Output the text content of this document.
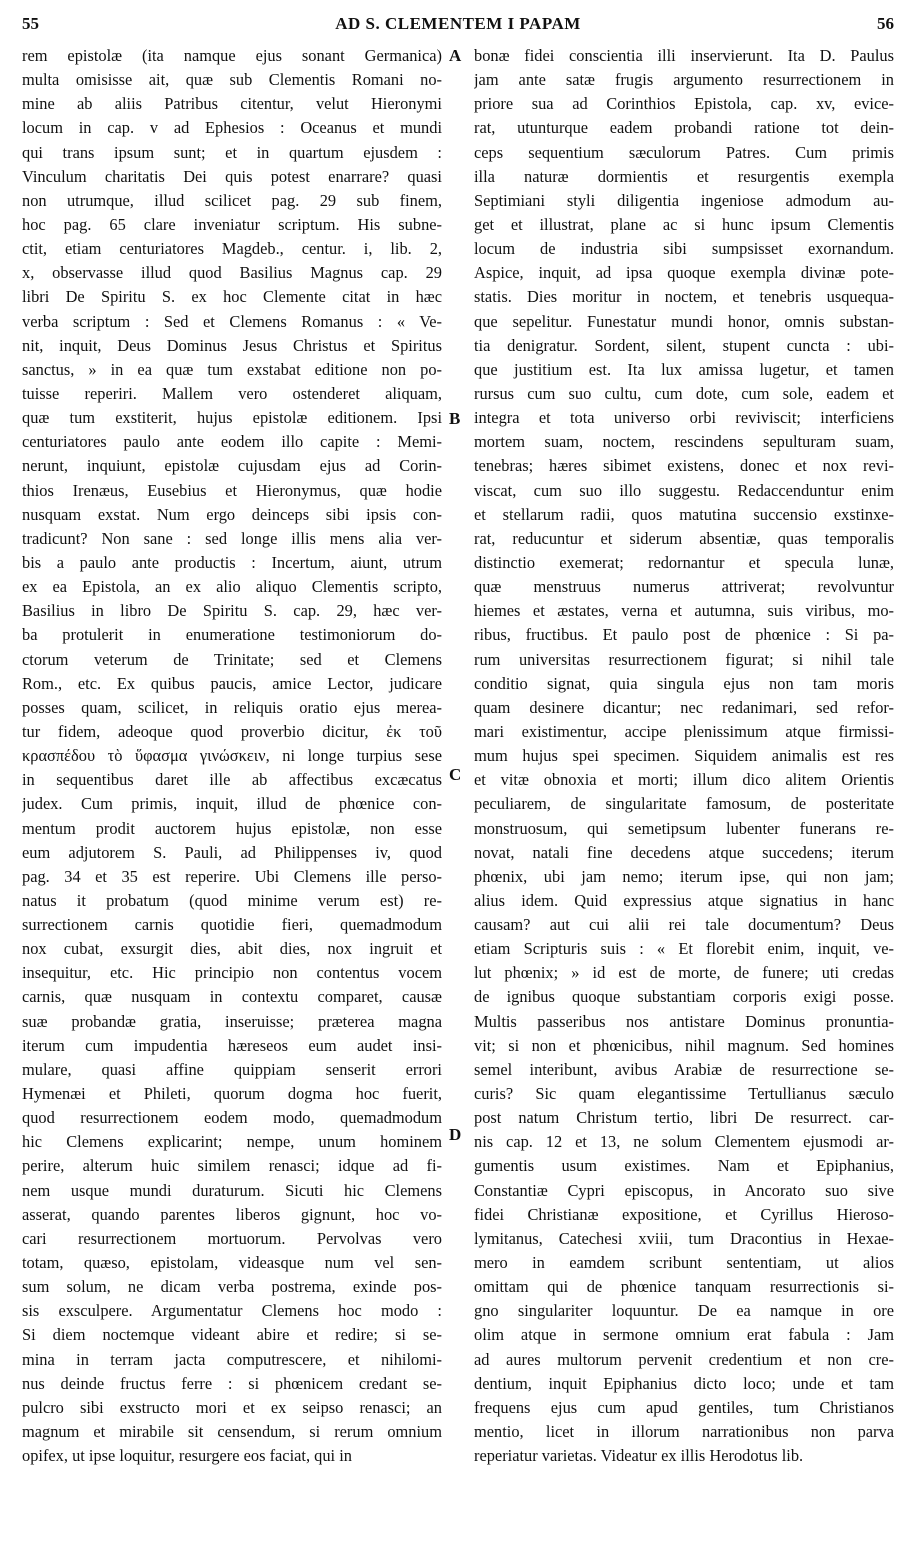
55	AD S. CLEMENTEM I PAPAM	56
rem epistolæ (ita namque ejus sonant Germanica)
multa omisisse ait, quæ sub Clementis Romani no-
mine ab aliis Patribus citentur, velut Hieronymi
locum in cap. v ad Ephesios : Oceanus et mundi
qui trans ipsum sunt; et in quartum ejusdem :
Vinculum charitatis Dei quis potest enarrare? quasi
non utrumque, illud scilicet pag. 29 sub finem,
hoc pag. 65 clare inveniatur scriptum. His subne-
ctit, etiam centuriatores Magdeb., centur. i, lib. 2,
x, observasse illud quod Basilius Magnus cap. 29
libri De Spiritu S. ex hoc Clemente citat in hæc
verba scriptum : Sed et Clemens Romanus : « Ve-
nit, inquit, Deus Dominus Jesus Christus et Spiritus
sanctus, » in ea quæ tum exstabat editione non po-
tuisse reperiri. Mallem vero ostenderet aliquam,
quæ tum exstiterit, hujus epistolæ editionem. Ipsi
centuriatores paulo ante eodem illo capite : Memi-
nerunt, inquiunt, epistolæ cujusdam ejus ad Corin-
thios Irenæus, Eusebius et Hieronymus, quæ hodie
nusquam exstat. Num ergo deinceps sibi ipsis con-
tradicunt? Non sane : sed longe illis mens alia ver-
bis a paulo ante productis : Incertum, aiunt, utrum
ex ea Epistola, an ex alio aliquo Clementis scripto,
Basilius in libro De Spiritu S. cap. 29, hæc ver-
ba protulerit in enumeratione testimoniorum do-
ctorum veterum de Trinitate; sed et Clemens
Rom., etc. Ex quibus paucis, amice Lector, judicare
posses quam, scilicet, in reliquis oratio ejus merea-
tur fidem, adeoque quod proverbio dicitur, ἐκ τοῦ
κρασπέδου τὸ ὕφασμα γινώσκειν, ni longe turpius sese
in sequentibus daret ille ab affectibus excæcatus
judex. Cum primis, inquit, illud de phœnice con-
mentum prodit auctorem hujus epistolæ, non esse
eum adjutorem S. Pauli, ad Philippenses iv, quod
pag. 34 et 35 est reperire. Ubi Clemens ille perso-
natus it probatum (quod minime verum est) re-
surrectionem carnis quotidie fieri, quemadmodum
nox cubat, exsurgit dies, abit dies, nox ingruit et
insequitur, etc. Hic principio non contentus vocem
carnis, quæ nusquam in contextu comparet, causæ
suæ probandæ gratia, inseruisse; præterea magna
iterum cum impudentia hæreseos eum audet insi-
mulare, quasi affine quippiam senserit errori
Hymenæi et Phileti, quorum dogma hoc fuerit,
quod resurrectionem eodem modo, quemadmodum
hic Clemens explicarint; nempe, unum hominem
perire, alterum huic similem renasci; idque ad fi-
nem usque mundi duraturum. Sicuti hic Clemens
asserat, quando parentes liberos gignunt, hoc vo-
cari resurrectionem mortuorum. Pervolvas vero
totam, quæso, epistolam, videasque num vel sen-
sum solum, ne dicam verba postrema, exinde pos-
sis exsculpere. Argumentatur Clemens hoc modo :
Si diem noctemque videant abire et redire; si se-
mina in terram jacta computrescere, et nihilomi-
nus deinde fructus ferre : si phœnicem credant se-
pulcro sibi exstructo mori et ex seipso renasci; an
magnum et mirabile sit censendum, si rerum omnium
opifex, ut ipse loquitur, resurgere eos faciat, qui in
bonæ fidei conscientia illi inservierunt. Ita D. Paulus
jam ante satæ frugis argumento resurrectionem in
priore sua ad Corinthios Epistola, cap. xv, evice-
rat, utunturque eadem probandi ratione tot dein-
ceps sequentium sæculorum Patres. Cum primis
illa naturæ dormientis et resurgentis exempla
Septimiani styli diligentia ingeniose admodum au-
get et illustrat, plane ac si hunc ipsum Clementis
locum de industria sibi sumpsisset exornandum.
Aspice, inquit, ad ipsa quoque exempla divinæ pote-
statis. Dies moritur in noctem, et tenebris usquequa-
que sepelitur. Funestatur mundi honor, omnis substan-
tia denigratur. Sordent, silent, stupent cuncta : ubi-
que justitium est. Ita lux amissa lugetur, et tamen
rursus cum suo cultu, cum dote, cum sole, eadem et
integra et tota universo orbi reviviscit; interficiens
mortem suam, noctem, rescindens sepulturam suam,
tenebras; hæres sibimet existens, donec et nox revi-
viscat, cum suo illo suggestu. Redaccenduntur enim
et stellarum radii, quos matutina succensio exstinxe-
rat, reducuntur et siderum absentiæ, quas temporalis
distinctio exemerat; redornantur et specula lunæ,
quæ menstruus numerus attriverat; revolvuntur
hiemes et æstates, verna et autumna, suis viribus, mo-
ribus, fructibus. Et paulo post de phœnice : Si pa-
rum universitas resurrectionem figurat; si nihil tale
conditio signat, quia singula ejus non tam moris
quam desinere dicantur; nec redanimari, sed refor-
mari existimentur, accipe plenissimum atque firmissi-
mum hujus spei specimen. Siquidem animalis est res
et vitæ obnoxia et morti; illum dico alitem Orientis
peculiarem, de singularitate famosum, de posteritate
monstruosum, qui semetipsum lubenter funerans re-
novat, natali fine decedens atque succedens; iterum
phœnix, ubi jam nemo; iterum ipse, qui non jam;
alius idem. Quid expressius atque signatius in hanc
causam? aut cui alii rei tale documentum? Deus
etiam Scripturis suis : « Et florebit enim, inquit, ve-
lut phœnix; » id est de morte, de funere; uti credas
de ignibus quoque substantiam corporis exigi posse.
Multis passeribus nos antistare Dominus pronuntia-
vit; si non et phœnicibus, nihil magnum. Sed homines
semel interibunt, avibus Arabiæ de resurrectione se-
curis? Sic quam elegantissime Tertullianus sæculo
post natum Christum tertio, libri De resurrect. car-
nis cap. 12 et 13, ne solum Clementem ejusmodi ar-
gumentis usum existimes. Nam et Epiphanius,
Constantiæ Cypri episcopus, in Ancorato suo sive
fidei Christianæ expositione, et Cyrillus Hieroso-
lymitanus, Catechesi xviii, tum Dracontius in Hexae-
mero in eamdem scribunt sententiam, ut alios
omittam qui de phœnice tanquam resurrectionis si-
gno singulariter loquuntur. De ea namque in ore
olim atque in sermone omnium erat fabula : Jam
ad aures multorum pervenit credentium et non cre-
dentium, inquit Epiphanius dicto loco; unde et tam
frequens ejus cum apud gentiles, tum Christianos
mentio, licet in illorum narrationibus non parva
reperiatur varietas. Videatur ex illis Herodotus lib.
A
B
C
D
